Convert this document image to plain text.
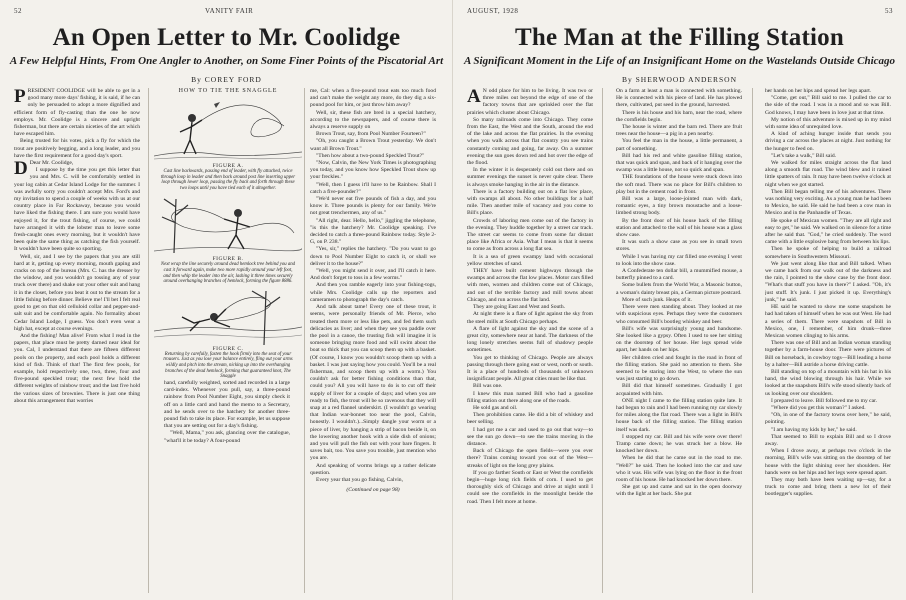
52	VANITY FAIR
An Open Letter to Mr. Coolidge
A Few Helpful Hints, From One Angler to Another, on Some Finer Points of the Piscatorial Art
By COREY FORD

PRESIDENT COOLIDGE will be able to get in a good many more days' fishing, it is said, if he can only be persuaded to adopt a more dignified and efficient form of fly-casting than the one he now employs. Mr. Coolidge is a sincere and upright fisherman, but there are certain niceties of the art which have escaped him.

Being trusted for his votes, pick a fly for which the trout are positively begging, and a long leader, and you have the first requirement for a good day's sport.

D Dear Mr. Coolidge,

I suppose by the time you get this letter that you and Mrs. C. will be comfortably settled in your log cabin at Cedar Island Lodge for the summer. I was awfully sorry you couldn't accept Mrs. Ford's and my invitation to spend a couple of weeks with us at our country place in Far Rockaway, because you would have liked the fishing there. I am sure you would have enjoyed it, for the trout fishing, of course, we could have arranged it with the lobster man to leave some fresh-caught ones every morning, but it wouldn't have been quite the same thing as catching the fish yourself. It wouldn't have been quite so sporting.

Well, sir, and I see by the papers that you are still hard at it, getting up every morning, mouth gaping and cracks on top of the bureau (Mrs. C. has the dresser by the window, and you wouldn't go tossing any of your truck over there) and shake out your other suit and hang it in the closet, before you beat it out to the stream for a little fishing before dinner. Believe me! I'll bet I felt real good to get on that old celluloid collar and pepper-and-salt suit and be comfortable again. No formality about Cedar Island Lodge, I guess. You don't even wear a high hat, except at course evenings.

And the fishing! Man alive! From what I read in the papers, that place must be pretty darned near ideal for you. Cal, I understand that there are fifteen different pools on the property, and each pool holds a different kind of fish. Think of that! The first few pools, for example, hold respectively one, two, three, four and five-pound speckled trout; the next few hold the different weights of rainbow trout; and the last five hold the various sizes of brownies. There is just one thing about this arrangement that worries

HOW TO TIE THE SNAGGLE
FIGURE A.
Cast line backwards, passing end of leader, with fly attached, twice through loop in leader and then back around post line inserting upper loop through lower loop, passing the fly back and forth through these two loops until you have tied each of it altogether.
FIGURE B.
Next wrap the line securely around dead hemlock tree behind you and cast it forward again, make two more rapidly around your left foot, and then whip the leader into the air, lashing it three times securely around overhanging branches of hemlock, forming the figure 8886.
FIGURE C.
Returning by carefully, fasten the hook firmly into the seat of your trousers. Just as you lose your balance entirely, fling out your arms wildly and pitch into the stream, nicking up into the overhanging branches of the dead hemlock, forming that guaranteed knot, The Snaggle

hand, carefully weighted, sorted and recorded in a large card-index. Whenever you pull, say, a three-pound rainbow from Pool Number Eight, you simply check it off on a little card and hand the memo to a Secretary, and he sends over to the hatchery for another three-pound fish to take its place. For example, let us suppose that you are setting out for a day's fishing.

"Well, Mama," you ask, glancing over the catalogue, "what'll it be today? A four-pound

me, Cal: when a five-pound trout eats too much food and can't make the weight any more, do they dig a six-pound pool for him, or just throw him away?

Well, sir, these fish are bred in a special hatchery, according to the newspapers, and of course there is always a reserve supply on

Brown Trout, say, from Pool Number Fourteen?"

"Oh, you caught a Brown Trout yesterday. We don't want all Brown Trout."

"Then how about a two-pound Speckled Trout?"

"Now, Calvin, the New York Times is photographing you today, and you know how Speckled Trout show up your freckles."

"Well, then I guess it'll have to be Rainbow. Shall I catch a five-pounder?"

"We'd never eat five pounds of fish a day, and you know it. Three pounds is plenty for our family. We're not great trenchermen, any of us."

"All right, dear. Hello, hello," jiggling the telephone, "is this the hatchery? Mr. Coolidge speaking. I've decided to catch a three-pound Rainbow today. Style 2-G, on P. 238."

"Yes, sir," replies the hatchery. "Do you want to go down to Pool Number Eight to catch it, or shall we deliver it to the house?"

"Well, you might send it over, and I'll catch it here. And don't forget to toss in a few worms."

And then you ramble eagerly into your fishing-togs, while Mrs. Coolidge calls up the reporters and cameramen to photograph the day's catch.

And talk about tame! Every one of these trout, it seems, were personally friends of Mr. Pierce, who treated them more or less like pets, and fed them such delicacies as liver; and when they see you paddle over the pool in a canoe, the trusting fish will imagine it is someone bringing more food and will swim about the boat so thick that you can scoop them up with a basket. (Of course, I know you wouldn't scoop them up with a basket. I was just saying how you could. You'll be a real fisherman, and scoop them up with a worm.) You couldn't ask for better fishing conditions than that, could you? All you will have to do is to cut off their supply of liver for a couple of days; and when you are ready to fish, the trout will be so ravenous that they will snap at a red flannel underskirt. (I wouldn't go wearing that Indian war-bonnet too near the pool, Calvin, honestly. I wouldn't.)...Simply dangle your worm or a piece of liver, by hanging a strip of bacon beside it, on the lowering another hook with a side dish of onions; and you will pull the fish out with your bare fingers. It saves bait, too. You save you trouble, just mention who you are.

And speaking of worms brings up a rather delicate question.

Every year that you go fishing, Calvin,

(Continued on page 98)

AUGUST, 1928	53
The Man at the Filling Station
A Significant Moment in the Life of an Insignificant Home on the Wastelands Outside Chicago
By SHERWOOD ANDERSON

A N odd place for him to be living. It was two or three miles out beyond the edge of one of the factory towns that are sprinkled over the flat prairies which cluster about Chicago.

So many railroads come into Chicago. They come from the East, the West and the South, around the end of the lake and across the flat prairies. In the evening when you walk across that flat country you see trains constantly coming and going, far away. On a summer evening the sun goes down red and hot over the edge of the flood.

In the winter it is desperately cold out there and on summer evenings the sunset is never quite clear. There is always smoke hanging in the air in the distance.

There is a factory building out on a flat low place, with swamps all about. No other buildings for a half mile. Then another mile of vacancy and you come to Bill's place.

Crowds of laboring men come out of the factory in the evening. They huddle together by a street car track. The street car seems to come from some far distant place like Africa or Asia. What I mean is that it seems to come as from across a long flat sea.

It is a sea of green swampy land with occasional yellow stretches of sand.

THEY have built cement highways through the swamps and across the flat low places. Motor cars filled with men, women and children come out of Chicago, and out of the terrible factory and mill towns about Chicago, and run across the flat land.

They are going East and West and South.

At night there is a flare of light against the sky from the steel mills at South Chicago perhaps.

A flare of light against the sky and the scene of a great city, somewhere near at hand. The darkness of the long lonely stretches seems full of shadowy people sometimes.

You get to thinking of Chicago. People are always passing through there going east or west, north or south. It is a place of hundreds of thousands of unknown insignificant people. All great cities must be like that.

Bill was one.

I knew this man named Bill who had a gasoline filling station out there along one of the roads.

He sold gas and oil.

Then prohibition came. He did a bit of whiskey and beer selling.

I had got me a car and used to go out that way—to see the sun go down—to see the trains moving in the distance.

Back of Chicago the open fields—were you ever there? Trains coming toward you out of the West—streaks of light on the long grey plains.

If you go farther South or East or West the cornfields begin—huge long rich fields of corn. I used to get thoroughly sick of Chicago and drive at night until I could see the cornfields in the moonlight beside the road. Then I felt more at home.

On a farm at least a man is connected with something. He is connected with his piece of land. He has plowed there, cultivated, put seed in the ground, harvested.

There is his house and his barn, near the road, where the cornfields begin.

The house is winter and the barn red. There are fruit trees near the house—a pig in a pen nearby.

You feel the man in the house, a little permanent, a part of something.

Bill had his red and white gasoline filling station, that was quick and span, and back of it hanging over the swamp was a little house, not so quick and span.

THE foundations of the house were stuck down into the soft mud. There was no place for Bill's children to play but in the cement road in front.

Bill was a large, loose-jointed man with dark, romantic eyes, a tiny brown moustache and a loose-limbed strong body.

By the front door of his house back of the filling station and attached to the wall of his house was a glass show case.

It was such a show case as you see in small town stores.

While I was having my car filled one evening I went to look into the show case.

A Confederate ten dollar bill, a mummified mouse, a butterfly pinned to a card.

Some bullets from the World War, a Masonic button, a woman's dainty breast pin, a German picture postcard.

More of such junk. Heaps of it.

There were men standing about. They looked at me with suspicious eyes. Perhaps they were the customers who consumed Bill's bootleg whiskey and beer.

Bill's wife was surprisingly young and handsome. She looked like a gypsy. Often I used to see her sitting on the doorstep of her house. Her legs spread wide apart, her hands on her hips.

Her children cried and fought in the road in front of the filling station. She paid no attention to them. She seemed to be staring into the West, to where the sun was just starting to go down.

Bill did that himself sometimes. Gradually I got acquainted with him.

ONE night I came to the filling station quite late. It had begun to rain and I had been running my car slowly for miles along the flat road. There was a light in Bill's house back of the filling station. The filling station itself was dark.

I stopped my car. Bill and his wife were over there! Tramp came down; he was struck her a blow. He knocked her down.

When he did that he came out in the road to me. "Well?" he said. Then he looked into the car and saw who it was. His wife was lying on the floor in the front room of his house. He had knocked her down there.

She got up and came and sat in the open doorway with the light at her back. She put

her hands on her hips and spread her legs apart.

"Come, get out," Bill said to me. I pulled the car to the side of the road. I was in a mood and so was Bill. God knows, I may have been in love just at that time.

My notion of this adventure is mixed up in my mind with some idea of unrequited love.

A kind of aching hunger inside that sends you driving a car across the places at night. Just nothing for the hunger to feed on.

"Let's take a walk," Bill said.

We walked for miles straight across the flat land along a smooth flat road. The wind blew and it rained little spatters of rain. It may have been twelve o'clock at night when we got started.

Then Bill began telling me of his adventures. There was nothing very exciting. As a young man he had been to Mexico, he said. He said he had been a cow man in Mexico and in the Panhandle of Texas.

He spoke of Mexican women. "They are all right and easy to get," he said. We walked on in silence for a time after he said that. "God," he cried suddenly. The word came with a little explosive bang from between his lips.

Then he spoke of helping to build a railroad somewhere in Southwestern Missouri.

We just went along like that and Bill talked. When we came back from our walk out of the darkness and the rain, I pointed to the show case by the front door. "What's that stuff you have in there?" I asked. "Oh, it's just stuff. It's junk. I just picked it up. Everything's junk," he said.

HE said he wanted to show me some snapshots he had had taken of himself when he was out West. He had a series of them. There were snapshots of Bill in Mexico, one, I remember, of him drunk—three Mexican women clinging to his arms.

There was one of Bill and an Indian woman standing together by a farm-house door. There were pictures of Bill on horseback, in cowboy togs—Bill leading a horse by a halter—Bill astride a horse driving cattle.

Bill standing on top of a mountain with his hat in his hand, the wind blowing through his hair. While we looked at the snapshots Bill's wife stood silently back of us looking over our shoulders.

I prepared to leave. Bill followed me to my car.

"Where did you get this woman?" I asked.

"Oh, in one of the factory towns over here," he said, pointing.

"I am having my kids by her," he said.

That seemed to Bill to explain Bill and so I drove away.

When I drove away, at perhaps two o'clock in the morning, Bill's wife was sitting on the doorstep of her house with the light shining over her shoulders. Her hands were on her hips and her legs were spread apart.

They may both have been waiting up—say, for a truck to come and bring them a new lot of their bootlegger's supplies.
